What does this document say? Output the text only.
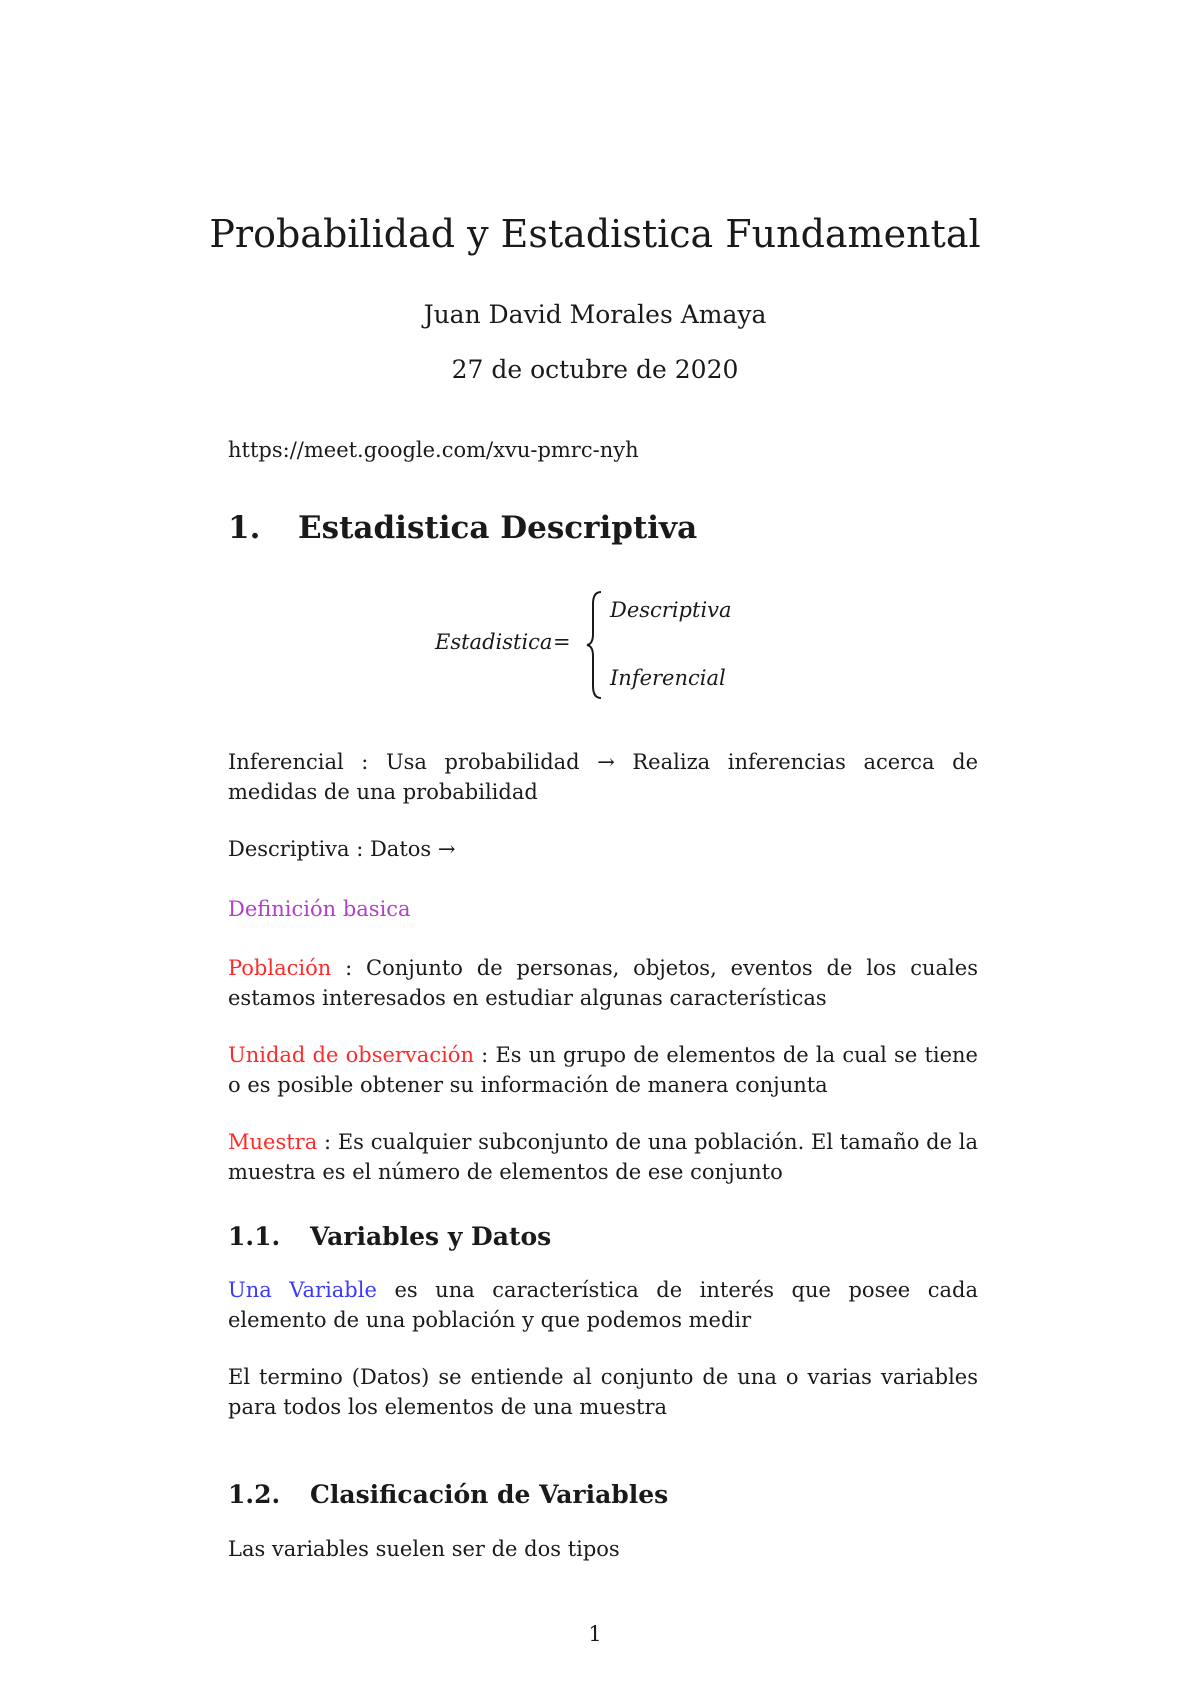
Probabilidad y Estadistica Fundamental
Juan David Morales Amaya
27 de octubre de 2020
https://meet.google.com/xvu-pmrc-nyh
1. Estadistica Descriptiva
Estadistica =
Descriptiva
Inferencial

Inferencial : Usa probabilidad → Realiza inferencias acerca de medidas de una probabilidad

Descriptiva : Datos →

Definición basica

Población : Conjunto de personas, objetos, eventos de los cuales estamos interesados en estudiar algunas características

Unidad de observación : Es un grupo de elementos de la cual se tiene o es posible obtener su información de manera conjunta

Muestra : Es cualquier subconjunto de una población. El tamaño de la muestra es el número de elementos de ese conjunto

1.1. Variables y Datos

Una Variable es una característica de interés que posee cada elemento de una población y que podemos medir

El termino (Datos) se entiende al conjunto de una o varias variables para todos los elementos de una muestra

1.2. Clasificación de Variables

Las variables suelen ser de dos tipos

1
